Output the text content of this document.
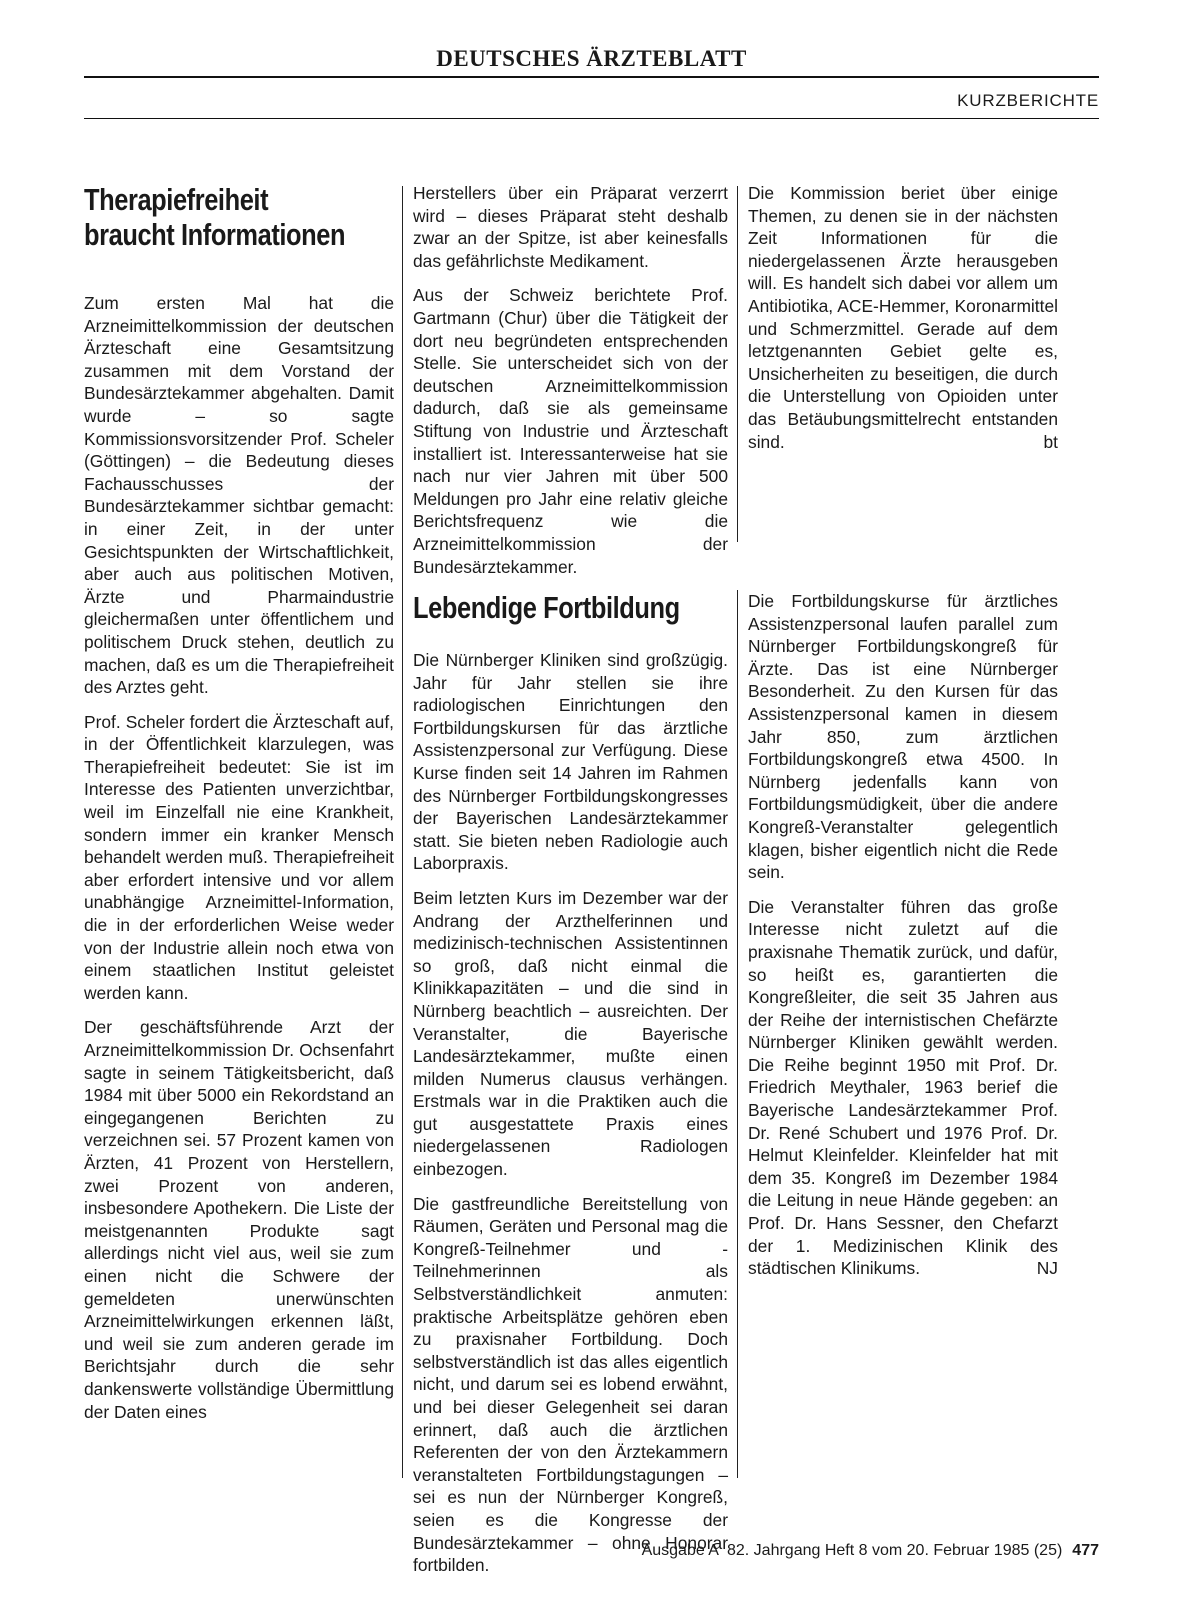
DEUTSCHES ÄRZTEBLATT
KURZBERICHTE
Therapiefreiheit
braucht Informationen

Zum ersten Mal hat die Arzneimittelkommission der deutschen Ärzteschaft eine Gesamtsitzung zusammen mit dem Vorstand der Bundesärztekammer abgehalten. Damit wurde – so sagte Kommissionsvorsitzender Prof. Scheler (Göttingen) – die Bedeutung dieses Fachausschusses der Bundesärztekammer sichtbar gemacht: in einer Zeit, in der unter Gesichtspunkten der Wirtschaftlichkeit, aber auch aus politischen Motiven, Ärzte und Pharmaindustrie gleichermaßen unter öffentlichem und politischem Druck stehen, deutlich zu machen, daß es um die Therapiefreiheit des Arztes geht.

Prof. Scheler fordert die Ärzteschaft auf, in der Öffentlichkeit klarzulegen, was Therapiefreiheit bedeutet: Sie ist im Interesse des Patienten unverzichtbar, weil im Einzelfall nie eine Krankheit, sondern immer ein kranker Mensch behandelt werden muß. Therapiefreiheit aber erfordert intensive und vor allem unabhängige Arzneimittel-Information, die in der erforderlichen Weise weder von der Industrie allein noch etwa von einem staatlichen Institut geleistet werden kann.

Der geschäftsführende Arzt der Arzneimittelkommission Dr. Ochsenfahrt sagte in seinem Tätigkeitsbericht, daß 1984 mit über 5000 ein Rekordstand an eingegangenen Berichten zu verzeichnen sei. 57 Prozent kamen von Ärzten, 41 Prozent von Herstellern, zwei Prozent von anderen, insbesondere Apothekern. Die Liste der meistgenannten Produkte sagt allerdings nicht viel aus, weil sie zum einen nicht die Schwere der gemeldeten unerwünschten Arzneimittelwirkungen erkennen läßt, und weil sie zum anderen gerade im Berichtsjahr durch die sehr dankenswerte vollständige Übermittlung der Daten eines

Herstellers über ein Präparat verzerrt wird – dieses Präparat steht deshalb zwar an der Spitze, ist aber keinesfalls das gefährlichste Medikament.

Aus der Schweiz berichtete Prof. Gartmann (Chur) über die Tätigkeit der dort neu begründeten entsprechenden Stelle. Sie unterscheidet sich von der deutschen Arzneimittelkommission dadurch, daß sie als gemeinsame Stiftung von Industrie und Ärzteschaft installiert ist. Interessanterweise hat sie nach nur vier Jahren mit über 500 Meldungen pro Jahr eine relativ gleiche Berichtsfrequenz wie die Arzneimittelkommission der Bundesärztekammer.

Die Kommission beriet über einige Themen, zu denen sie in der nächsten Zeit Informationen für die niedergelassenen Ärzte herausgeben will. Es handelt sich dabei vor allem um Antibiotika, ACE-Hemmer, Koronarmittel und Schmerzmittel. Gerade auf dem letztgenannten Gebiet gelte es, Unsicherheiten zu beseitigen, die durch die Unterstellung von Opioiden unter das Betäubungsmittelrecht entstanden sind.	bt

Lebendige Fortbildung

Die Nürnberger Kliniken sind großzügig. Jahr für Jahr stellen sie ihre radiologischen Einrichtungen den Fortbildungskursen für das ärztliche Assistenzpersonal zur Verfügung. Diese Kurse finden seit 14 Jahren im Rahmen des Nürnberger Fortbildungskongresses der Bayerischen Landesärztekammer statt. Sie bieten neben Radiologie auch Laborpraxis.

Beim letzten Kurs im Dezember war der Andrang der Arzthelferinnen und medizinisch-technischen Assistentinnen so groß, daß nicht einmal die Klinikkapazitäten – und die sind in Nürnberg beachtlich – ausreichten. Der Veranstalter, die Bayerische Landesärztekammer, mußte einen milden Numerus clausus verhängen. Erstmals war in die Praktiken auch die gut ausgestattete Praxis eines niedergelassenen Radiologen einbezogen.

Die gastfreundliche Bereitstellung von Räumen, Geräten und Personal mag die Kongreß-Teilnehmer und -Teilnehmerinnen als Selbstverständlichkeit anmuten: praktische Arbeitsplätze gehören eben zu praxisnaher Fortbildung. Doch selbstverständlich ist das alles eigentlich nicht, und darum sei es lobend erwähnt, und bei dieser Gelegenheit sei daran erinnert, daß auch die ärztlichen Referenten der von den Ärztekammern veranstalteten Fortbildungstagungen – sei es nun der Nürnberger Kongreß, seien es die Kongresse der Bundesärztekammer – ohne Honorar fortbilden.

Die Fortbildungskurse für ärztliches Assistenzpersonal laufen parallel zum Nürnberger Fortbildungskongreß für Ärzte. Das ist eine Nürnberger Besonderheit. Zu den Kursen für das Assistenzpersonal kamen in diesem Jahr 850, zum ärztlichen Fortbildungskongreß etwa 4500. In Nürnberg jedenfalls kann von Fortbildungsmüdigkeit, über die andere Kongreß-Veranstalter gelegentlich klagen, bisher eigentlich nicht die Rede sein.

Die Veranstalter führen das große Interesse nicht zuletzt auf die praxisnahe Thematik zurück, und dafür, so heißt es, garantierten die Kongreßleiter, die seit 35 Jahren aus der Reihe der internistischen Chefärzte Nürnberger Kliniken gewählt werden. Die Reihe beginnt 1950 mit Prof. Dr. Friedrich Meythaler, 1963 berief die Bayerische Landesärztekammer Prof. Dr. René Schubert und 1976 Prof. Dr. Helmut Kleinfelder. Kleinfelder hat mit dem 35. Kongreß im Dezember 1984 die Leitung in neue Hände gegeben: an Prof. Dr. Hans Sessner, den Chefarzt der 1. Medizinischen Klinik des städtischen Klinikums.	NJ

Ausgabe A  82. Jahrgang Heft 8 vom 20. Februar 1985 (25) 477
